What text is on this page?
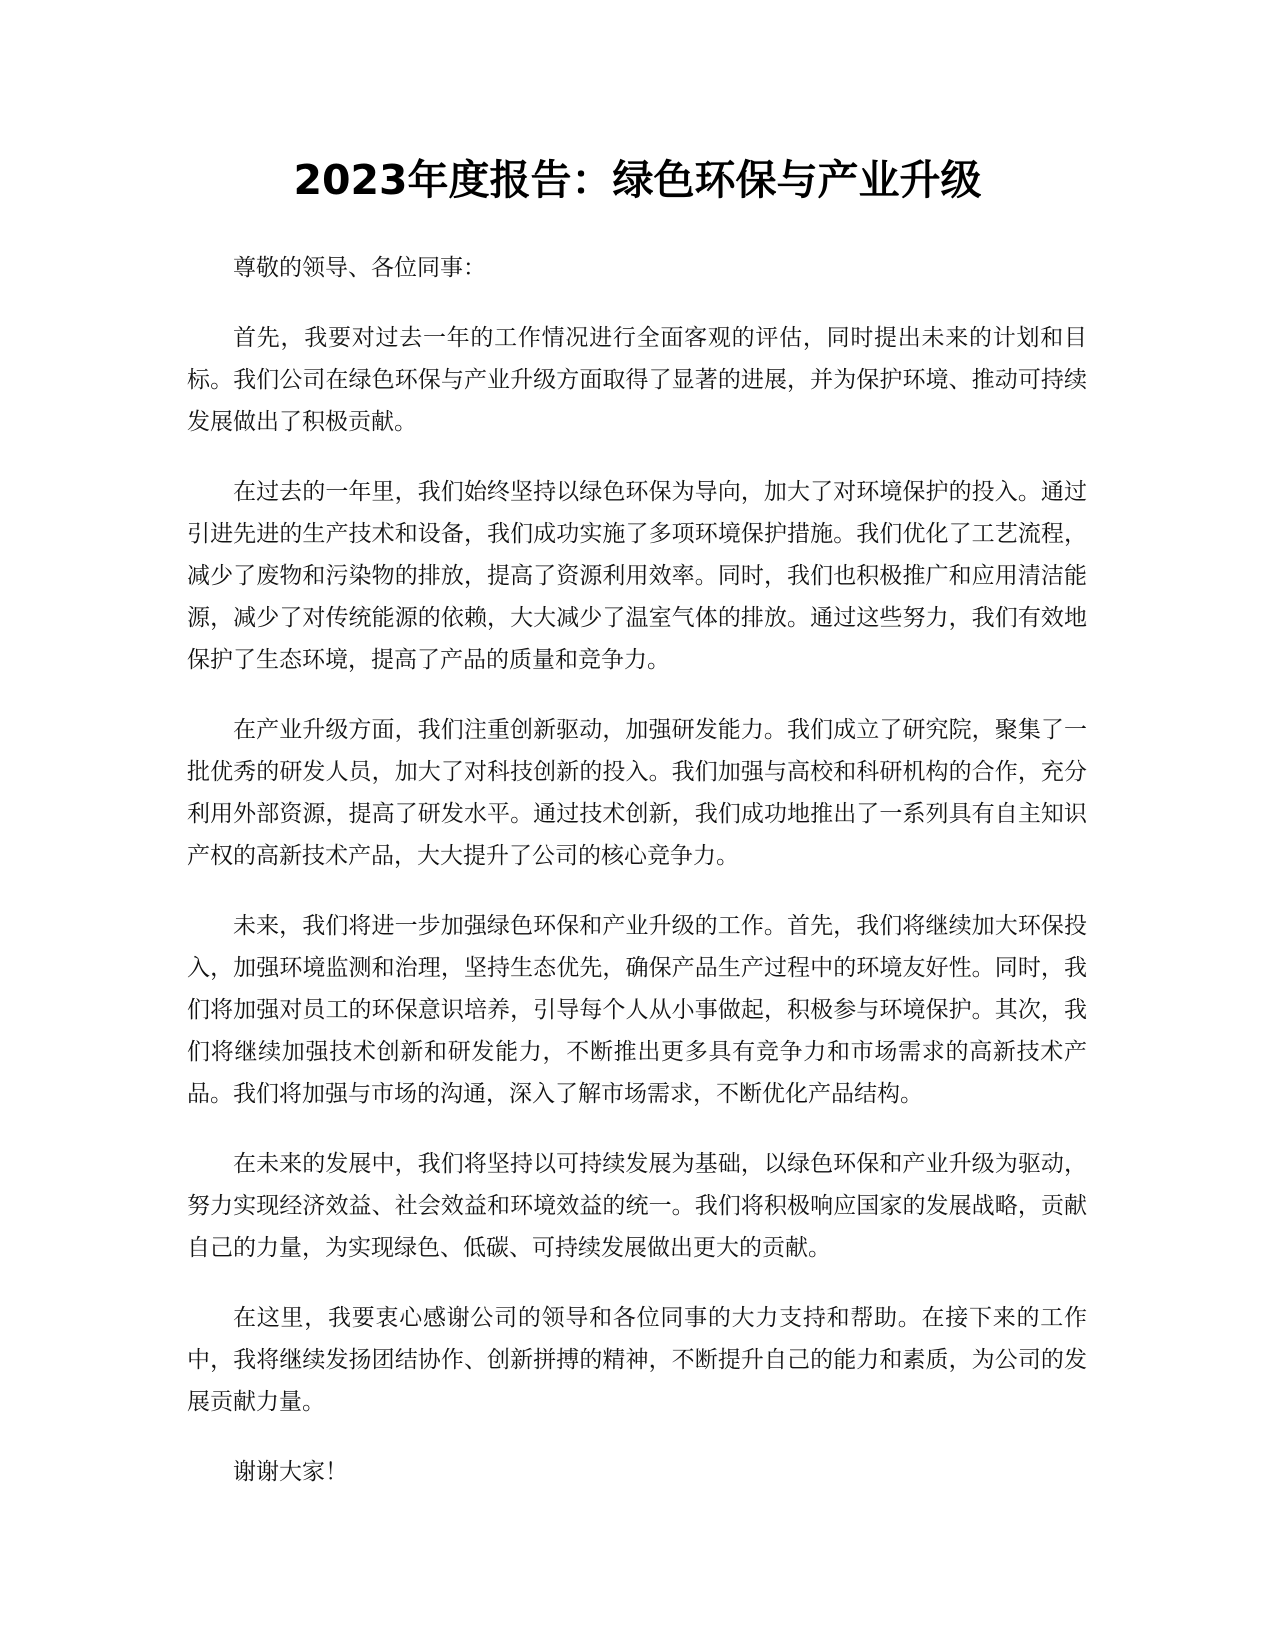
2023年度报告：绿色环保与产业升级

尊敬的领导、各位同事：

首先，我要对过去一年的工作情况进行全面客观的评估，同时提出未来的计划和目标。我们公司在绿色环保与产业升级方面取得了显著的进展，并为保护环境、推动可持续发展做出了积极贡献。

在过去的一年里，我们始终坚持以绿色环保为导向，加大了对环境保护的投入。通过引进先进的生产技术和设备，我们成功实施了多项环境保护措施。我们优化了工艺流程，减少了废物和污染物的排放，提高了资源利用效率。同时，我们也积极推广和应用清洁能源，减少了对传统能源的依赖，大大减少了温室气体的排放。通过这些努力，我们有效地保护了生态环境，提高了产品的质量和竞争力。

在产业升级方面，我们注重创新驱动，加强研发能力。我们成立了研究院，聚集了一批优秀的研发人员，加大了对科技创新的投入。我们加强与高校和科研机构的合作，充分利用外部资源，提高了研发水平。通过技术创新，我们成功地推出了一系列具有自主知识产权的高新技术产品，大大提升了公司的核心竞争力。

未来，我们将进一步加强绿色环保和产业升级的工作。首先，我们将继续加大环保投入，加强环境监测和治理，坚持生态优先，确保产品生产过程中的环境友好性。同时，我们将加强对员工的环保意识培养，引导每个人从小事做起，积极参与环境保护。其次，我们将继续加强技术创新和研发能力，不断推出更多具有竞争力和市场需求的高新技术产品。我们将加强与市场的沟通，深入了解市场需求，不断优化产品结构。

在未来的发展中，我们将坚持以可持续发展为基础，以绿色环保和产业升级为驱动，努力实现经济效益、社会效益和环境效益的统一。我们将积极响应国家的发展战略，贡献自己的力量，为实现绿色、低碳、可持续发展做出更大的贡献。

在这里，我要衷心感谢公司的领导和各位同事的大力支持和帮助。在接下来的工作中，我将继续发扬团结协作、创新拼搏的精神，不断提升自己的能力和素质，为公司的发展贡献力量。

谢谢大家！
